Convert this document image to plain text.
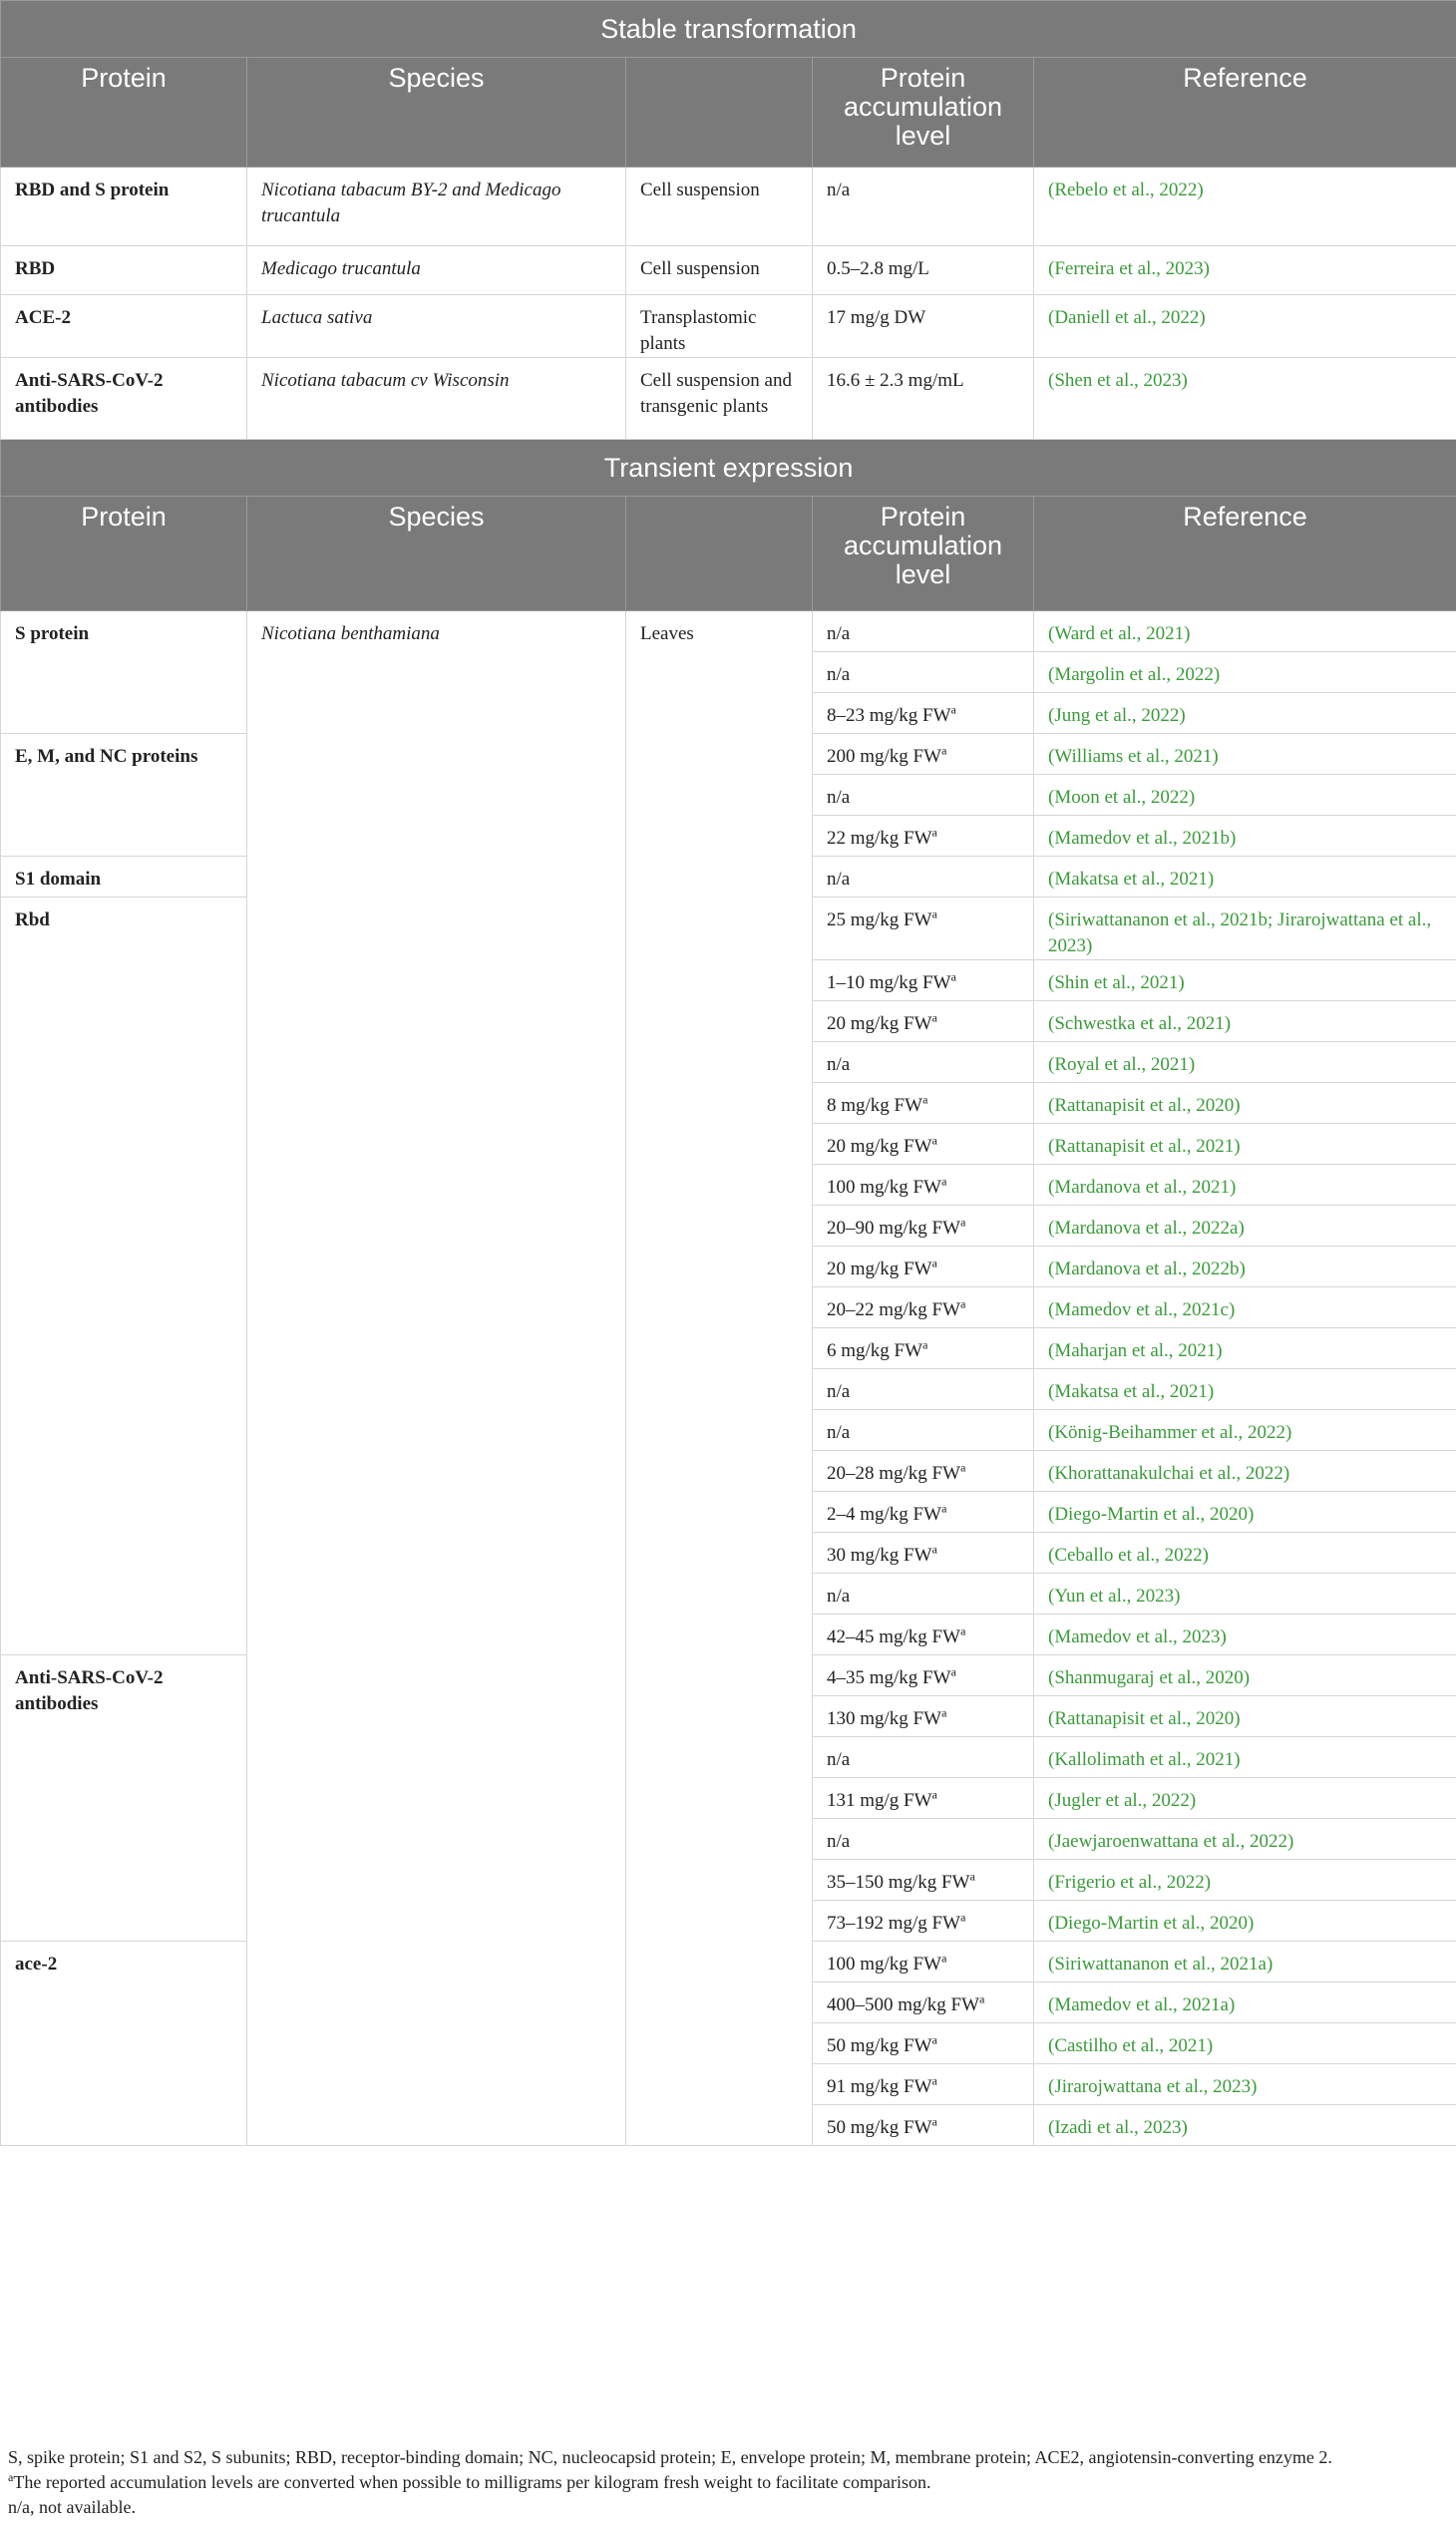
Stable transformation				
Protein	Species		Protein accumulation level	Reference
RBD and S protein	Nicotiana tabacum BY-2 and Medicago trucantula	Cell suspension	n/a	(Rebelo et al., 2022)
RBD	Medicago trucantula	Cell suspension	0.5–2.8 mg/L	(Ferreira et al., 2023)
ACE-2	Lactuca sativa	Transplastomic plants	17 mg/g DW	(Daniell et al., 2022)
Anti-SARS-CoV-2 antibodies	Nicotiana tabacum cv Wisconsin	Cell suspension and transgenic plants	16.6 ± 2.3 mg/mL	(Shen et al., 2023)
Transient expression				
Protein	Species		Protein accumulation level	Reference
S protein	Nicotiana benthamiana	Leaves	n/a	(Ward et al., 2021)
			n/a	(Margolin et al., 2022)
			8–23 mg/kg $FW^a$	(Jung et al., 2022)
E, M, and NC proteins			200 mg/kg $FW^a$	(Williams et al., 2021)
			n/a	(Moon et al., 2022)
			22 mg/kg $FW^a$	(Mamedov et al., 2021b)
S1 domain			n/a	(Makatsa et al., 2021)
Rbd			25 mg/kg $FW^a$	(Siriwattananon et al., 2021b; Jirarojwattana et al., 2023)
			1–10 mg/kg $FW^a$	(Shin et al., 2021)
			20 mg/kg $FW^a$	(Schwestka et al., 2021)
			n/a	(Royal et al., 2021)
			8 mg/kg $FW^a$	(Rattanapisit et al., 2020)
			20 mg/kg $FW^a$	(Rattanapisit et al., 2021)
			100 mg/kg $FW^a$	(Mardanova et al., 2021)
			20–90 mg/kg $FW^a$	(Mardanova et al., 2022a)
			20 mg/kg $FW^a$	(Mardanova et al., 2022b)
			20–22 mg/kg $FW^a$	(Mamedov et al., 2021c)
			6 mg/kg $FW^a$	(Maharjan et al., 2021)
			n/a	(Makatsa et al., 2021)
			n/a	(König-Beihammer et al., 2022)
			20–28 mg/kg $FW^a$	(Khorattanakulchai et al., 2022)
			2–4 mg/kg $FW^a$	(Diego-Martin et al., 2020)
			30 mg/kg $FW^a$	(Ceballo et al., 2022)
			n/a	(Yun et al., 2023)
			42–45 mg/kg $FW^a$	(Mamedov et al., 2023)
Anti-SARS-CoV-2 antibodies			4–35 mg/kg $FW^a$	(Shanmugaraj et al., 2020)
			130 mg/kg $FW^a$	(Rattanapisit et al., 2020)
			n/a	(Kallolimath et al., 2021)
			131 mg/g $FW^a$	(Jugler et al., 2022)
			n/a	(Jaewjaroenwattana et al., 2022)
			35–150 mg/kg $FW^a$	(Frigerio et al., 2022)
			73–192 mg/g $FW^a$	(Diego-Martin et al., 2020)
ace-2			100 mg/kg $FW^a$	(Siriwattananon et al., 2021a)
			400–500 mg/kg $FW^a$	(Mamedov et al., 2021a)
			50 mg/kg $FW^a$	(Castilho et al., 2021)
			91 mg/kg $FW^a$	(Jirarojwattana et al., 2023)
			50 mg/kg $FW^a$	(Izadi et al., 2023)
S, spike protein; S1 and S2, S subunits; RBD, receptor-binding domain; NC, nucleocapsid protein; E, envelope protein; M, membrane protein; ACE2, angiotensin-converting enzyme 2.
$^a$The reported accumulation levels are converted when possible to milligrams per kilogram fresh weight to facilitate comparison.
n/a, not available.
